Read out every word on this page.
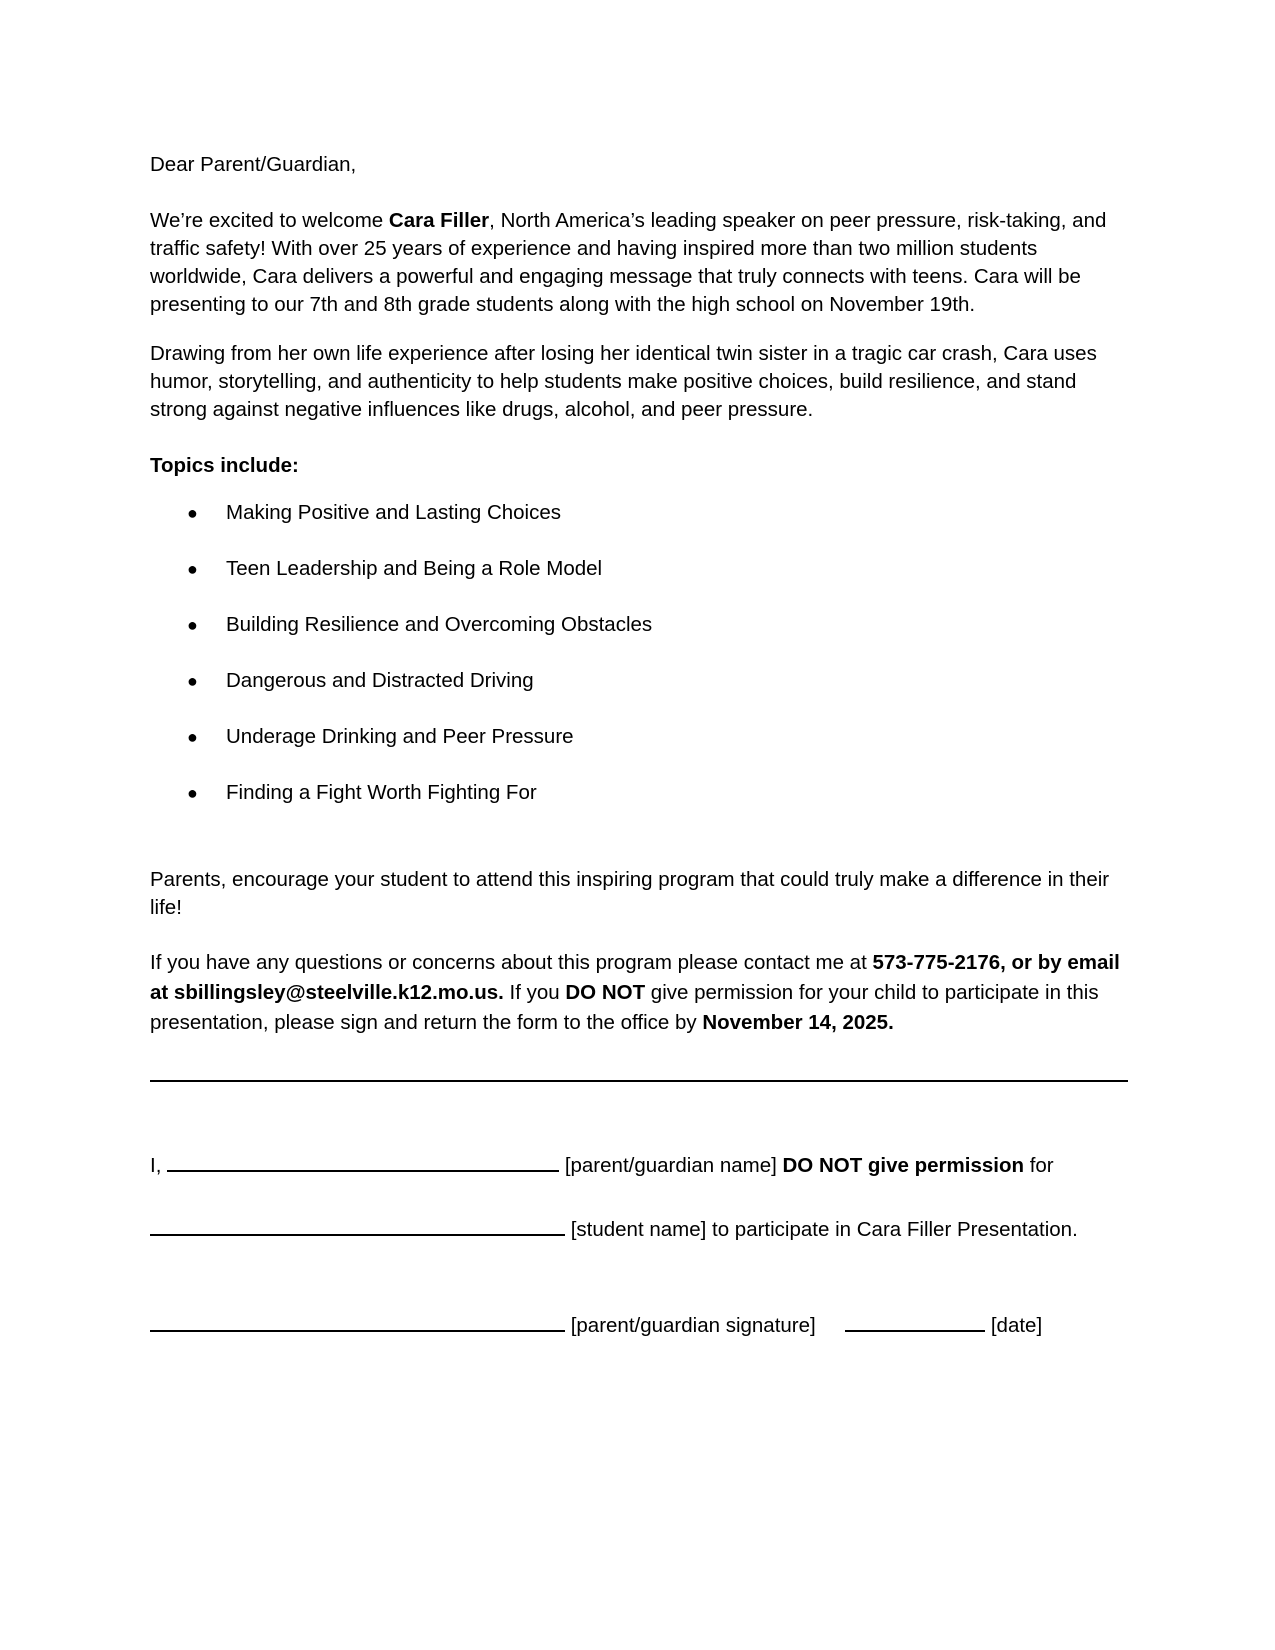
Dear Parent/Guardian,

We’re excited to welcome Cara Filler, North America’s leading speaker on peer pressure, risk-taking, and traffic safety! With over 25 years of experience and having inspired more than two million students worldwide, Cara delivers a powerful and engaging message that truly connects with teens. Cara will be presenting to our 7th and 8th grade students along with the high school on November 19th.

Drawing from her own life experience after losing her identical twin sister in a tragic car crash, Cara uses humor, storytelling, and authenticity to help students make positive choices, build resilience, and stand strong against negative influences like drugs, alcohol, and peer pressure.

Topics include:

● Making Positive and Lasting Choices
● Teen Leadership and Being a Role Model
● Building Resilience and Overcoming Obstacles
● Dangerous and Distracted Driving
● Underage Drinking and Peer Pressure
● Finding a Fight Worth Fighting For

Parents, encourage your student to attend this inspiring program that could truly make a difference in their life!

If you have any questions or concerns about this program please contact me at 573-775-2176, or by email at sbillingsley@steelville.k12.mo.us. If you DO NOT give permission for your child to participate in this presentation, please sign and return the form to the office by November 14, 2025.

I,	[parent/guardian name] DO NOT give permission for
[student name] to participate in Cara Filler Presentation.
[parent/guardian signature]	[date]
